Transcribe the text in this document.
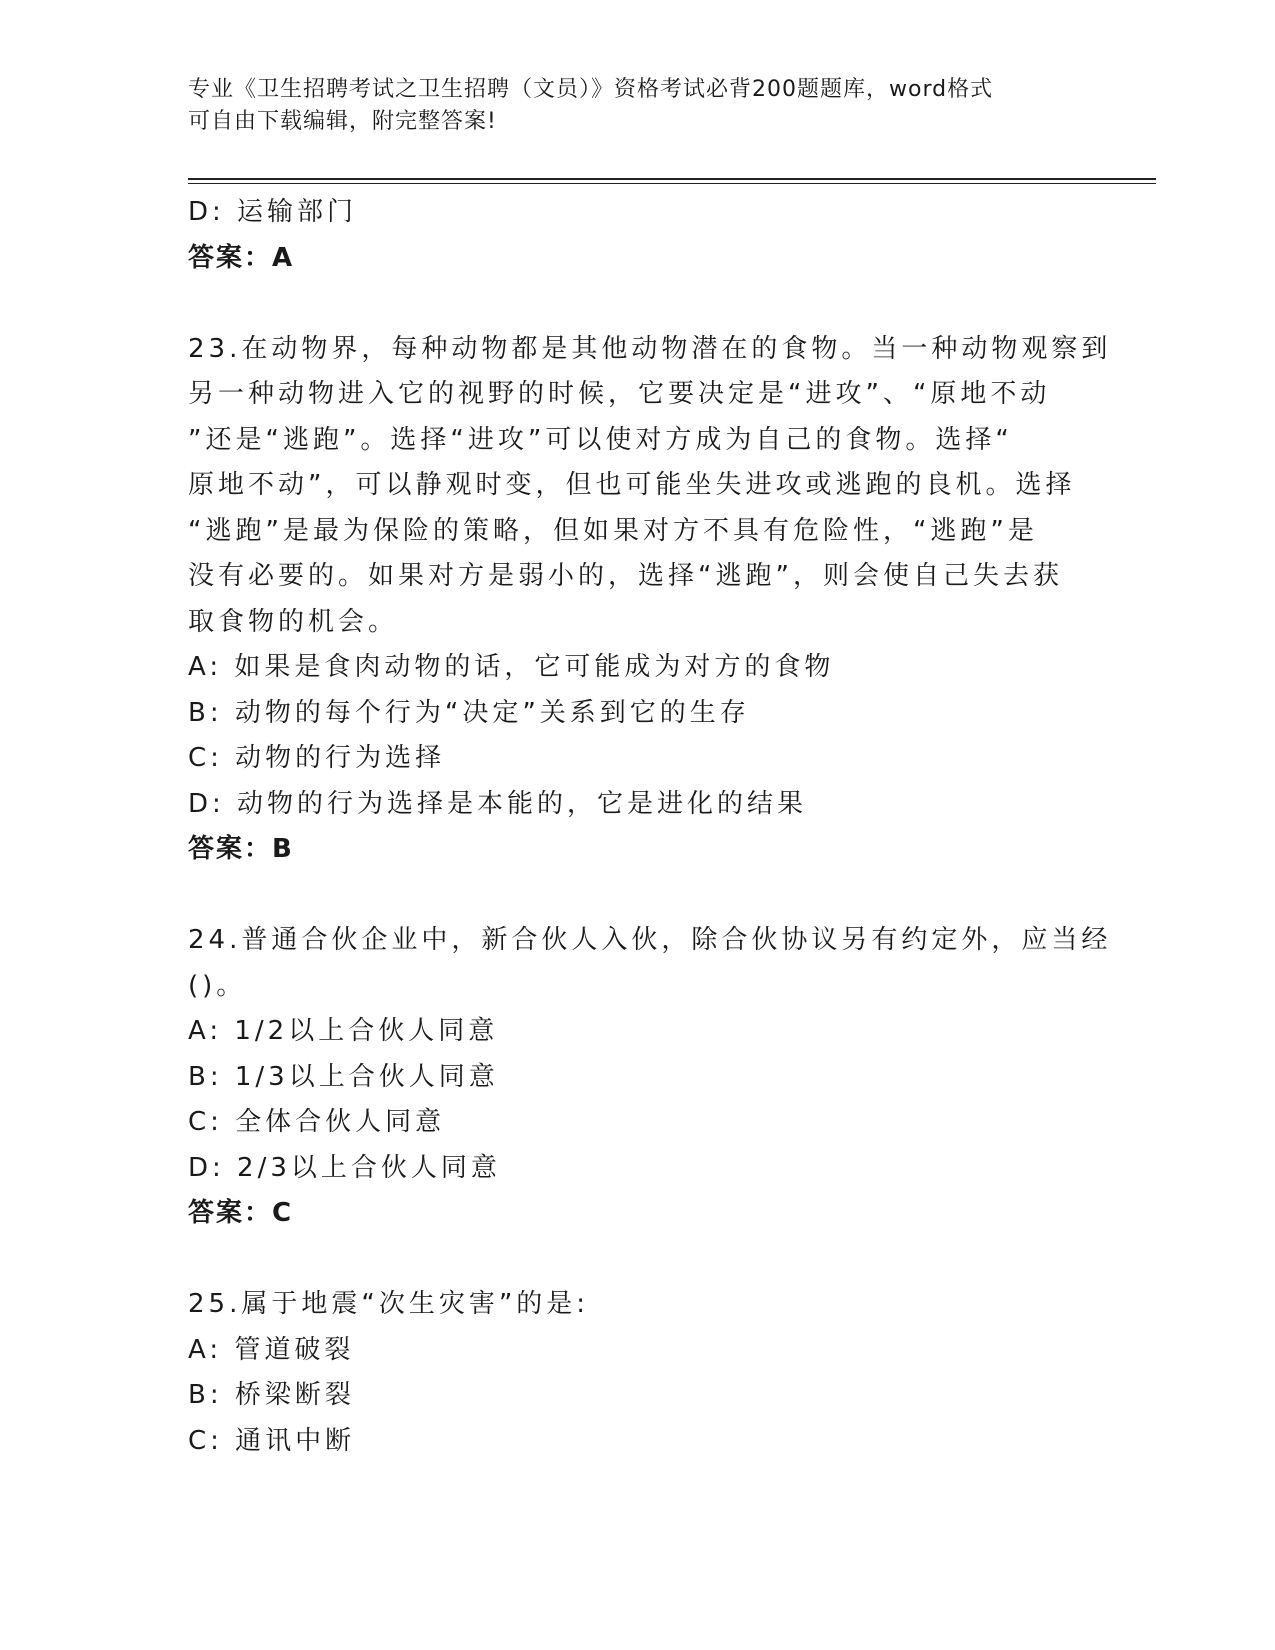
专业《卫生招聘考试之卫生招聘（文员）》资格考试必背200题题库，word格式
可自由下载编辑，附完整答案!
D: 运输部门
答案：A
23.在动物界，每种动物都是其他动物潜在的食物。当一种动物观察到
另一种动物进入它的视野的时候，它要决定是“进攻”、“原地不动
”还是“逃跑”。选择“进攻”可以使对方成为自己的食物。选择“
原地不动”，可以静观时变，但也可能坐失进攻或逃跑的良机。选择
“逃跑”是最为保险的策略，但如果对方不具有危险性，“逃跑”是
没有必要的。如果对方是弱小的，选择“逃跑”，则会使自己失去获
取食物的机会。
A: 如果是食肉动物的话，它可能成为对方的食物
B: 动物的每个行为“决定”关系到它的生存
C: 动物的行为选择
D: 动物的行为选择是本能的，它是进化的结果
答案：B
24.普通合伙企业中，新合伙人入伙，除合伙协议另有约定外，应当经
()。
A: 1/2以上合伙人同意
B: 1/3以上合伙人同意
C: 全体合伙人同意
D: 2/3以上合伙人同意
答案：C
25.属于地震“次生灾害”的是:
A: 管道破裂
B: 桥梁断裂
C: 通讯中断
